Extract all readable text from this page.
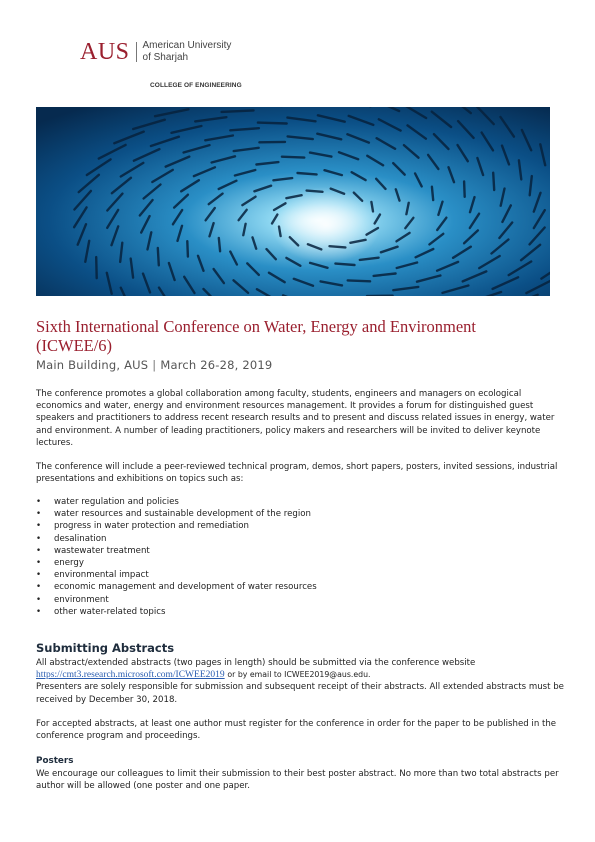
AUS American University
of Sharjah
COLLEGE OF ENGINEERING
Sixth International Conference on Water, Energy and Environment (ICWEE/6)
Main Building, AUS | March 26-28, 2019

The conference promotes a global collaboration among faculty, students, engineers and managers on ecological economics and water, energy and environment resources management. It provides a forum for distinguished guest speakers and practitioners to address recent research results and to present and discuss related issues in energy, water and environment. A number of leading practitioners, policy makers and researchers will be invited to deliver keynote lectures.

The conference will include a peer-reviewed technical program, demos, short papers, posters, invited sessions, industrial presentations and exhibitions on topics such as:

• water regulation and policies
• water resources and sustainable development of the region
• progress in water protection and remediation
• desalination
• wastewater treatment
• energy
• environmental impact
• economic management and development of water resources
• environment
• other water-related topics
Submitting Abstracts

All abstract/extended abstracts (two pages in length) should be submitted via the conference website
https://cmt3.research.microsoft.com/ICWEE2019 or by email to ICWEE2019@aus.edu.
Presenters are solely responsible for submission and subsequent receipt of their abstracts. All extended abstracts must be received by December 30, 2018.

For accepted abstracts, at least one author must register for the conference in order for the paper to be published in the conference program and proceedings.

Posters

We encourage our colleagues to limit their submission to their best poster abstract. No more than two total abstracts per author will be allowed (one poster and one paper.
